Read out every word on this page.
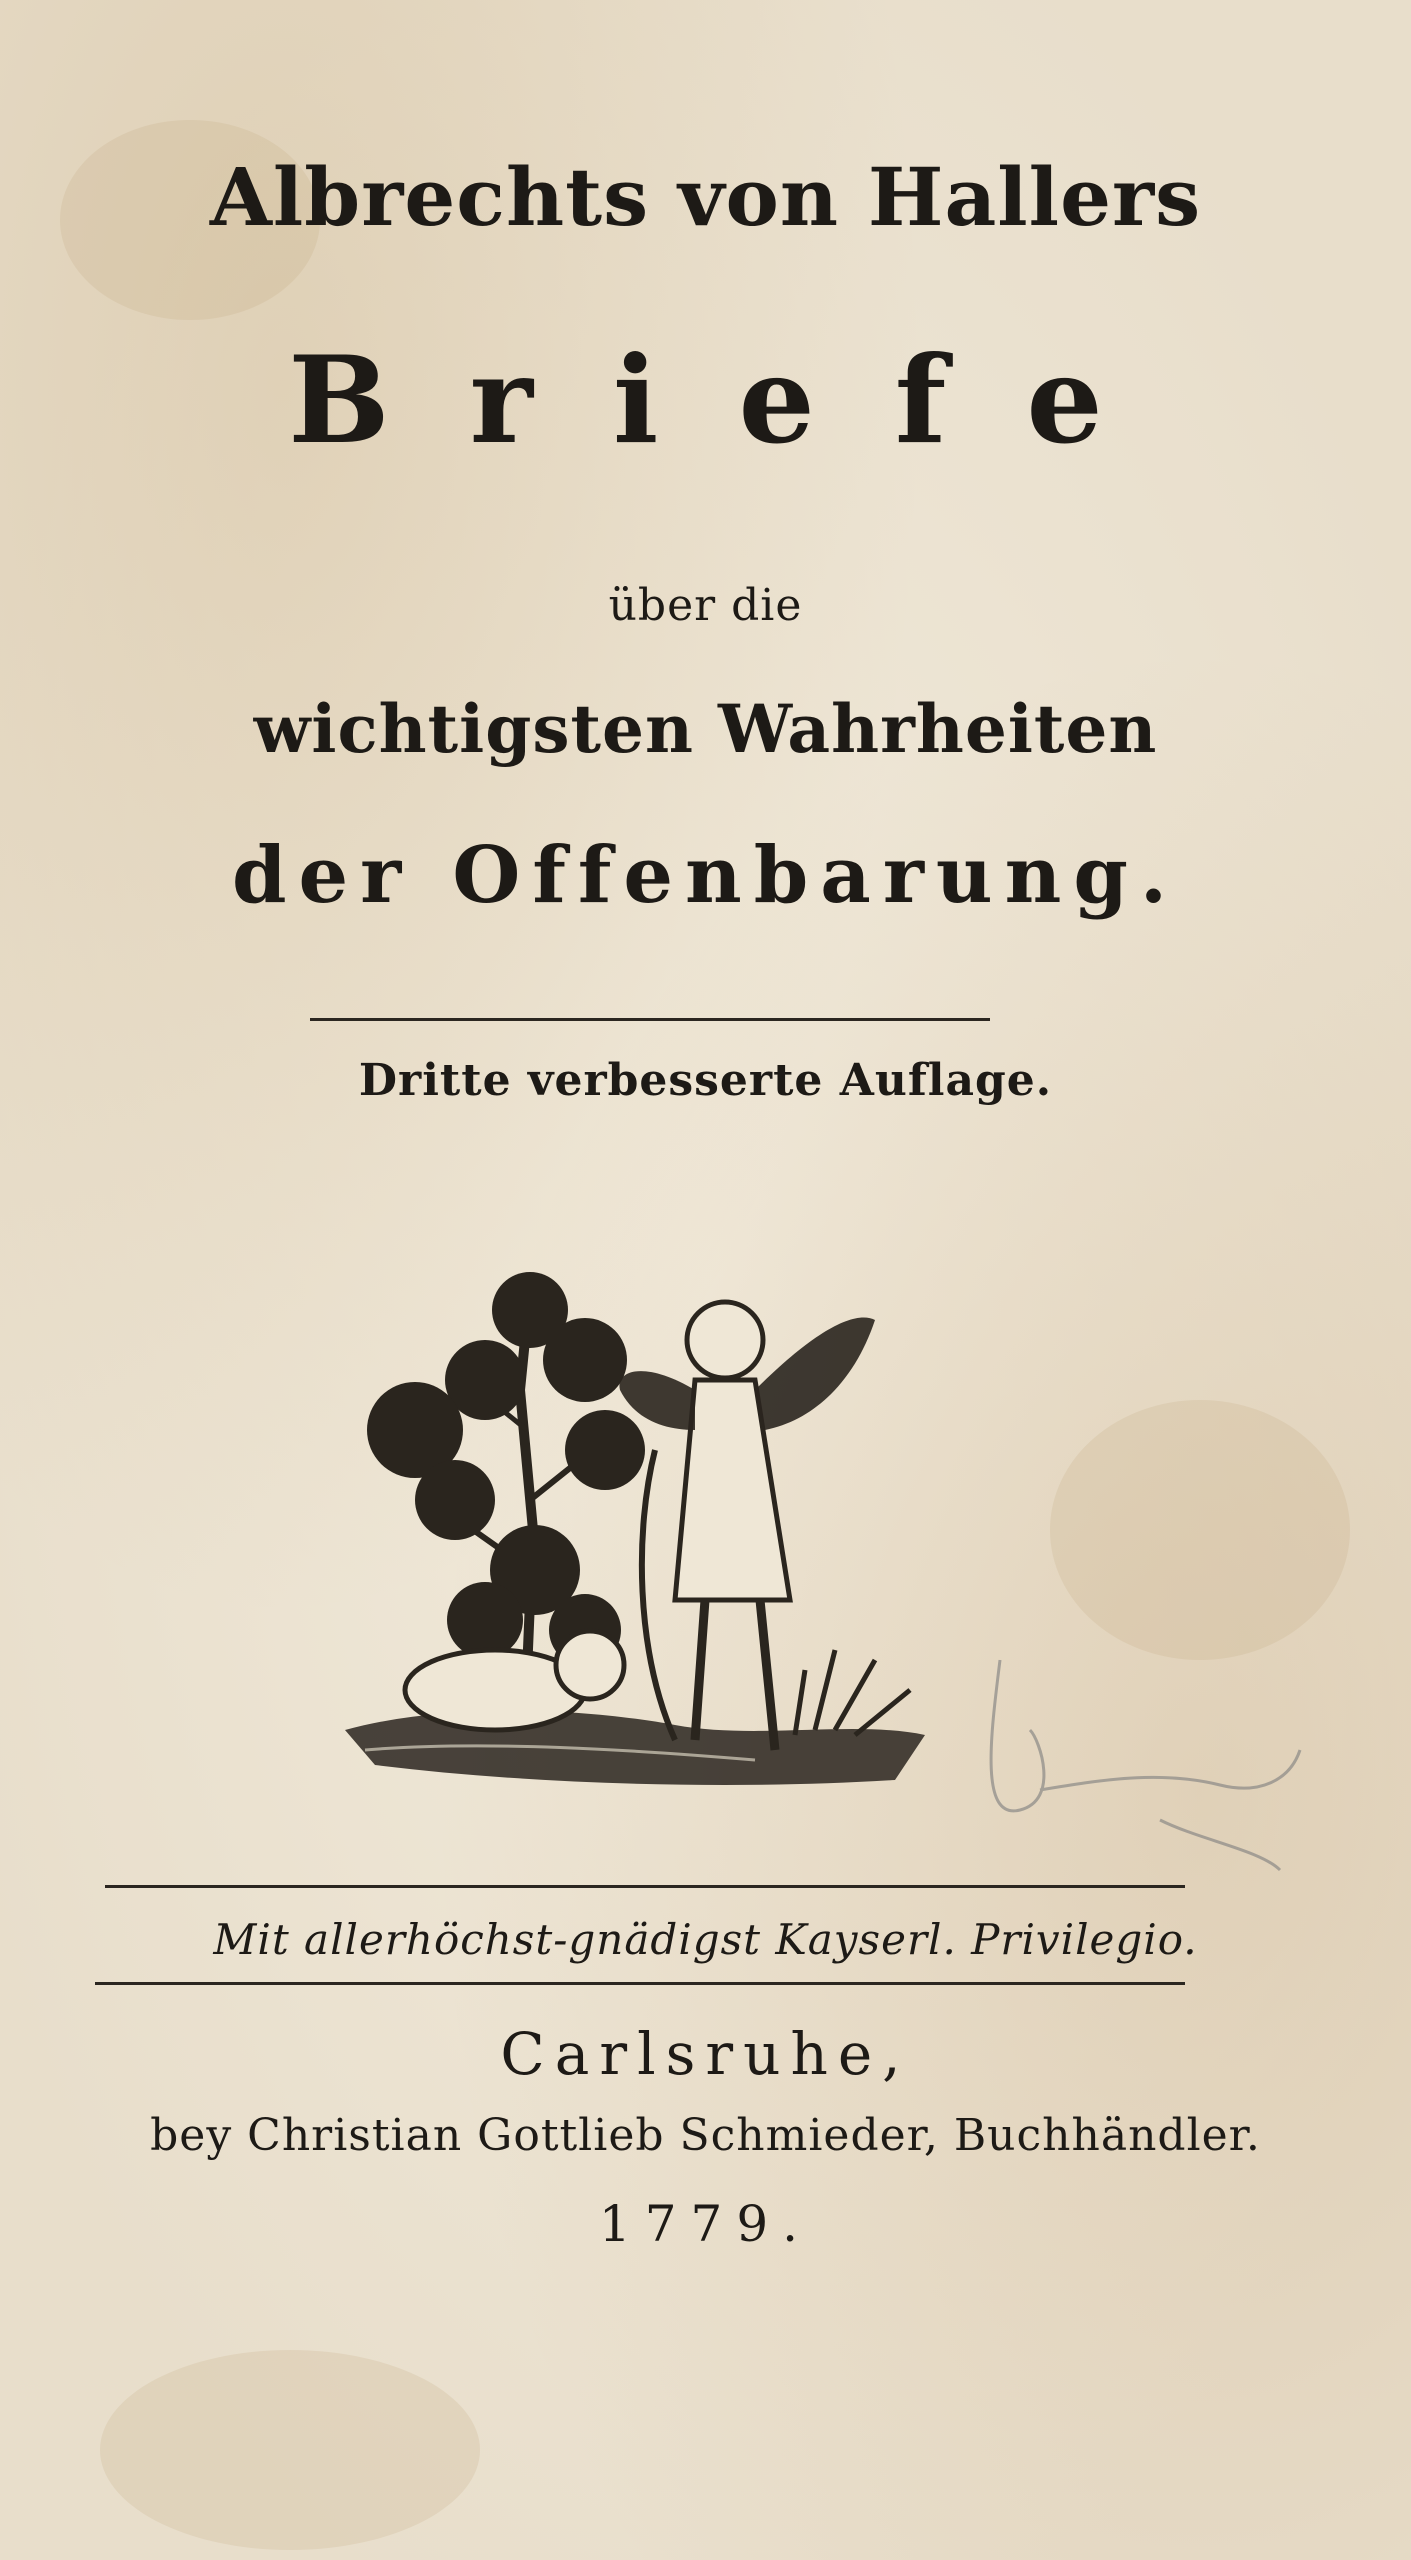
Albrechts von Hallers
Briefe
über die
wichtigsten Wahrheiten
der Offenbarung.
Dritte verbesserte Auflage.
Mit allerhöchst-gnädigst Kayserl. Privilegio.
Carlsruhe,
bey Christian Gottlieb Schmieder, Buchhändler.
1779.
